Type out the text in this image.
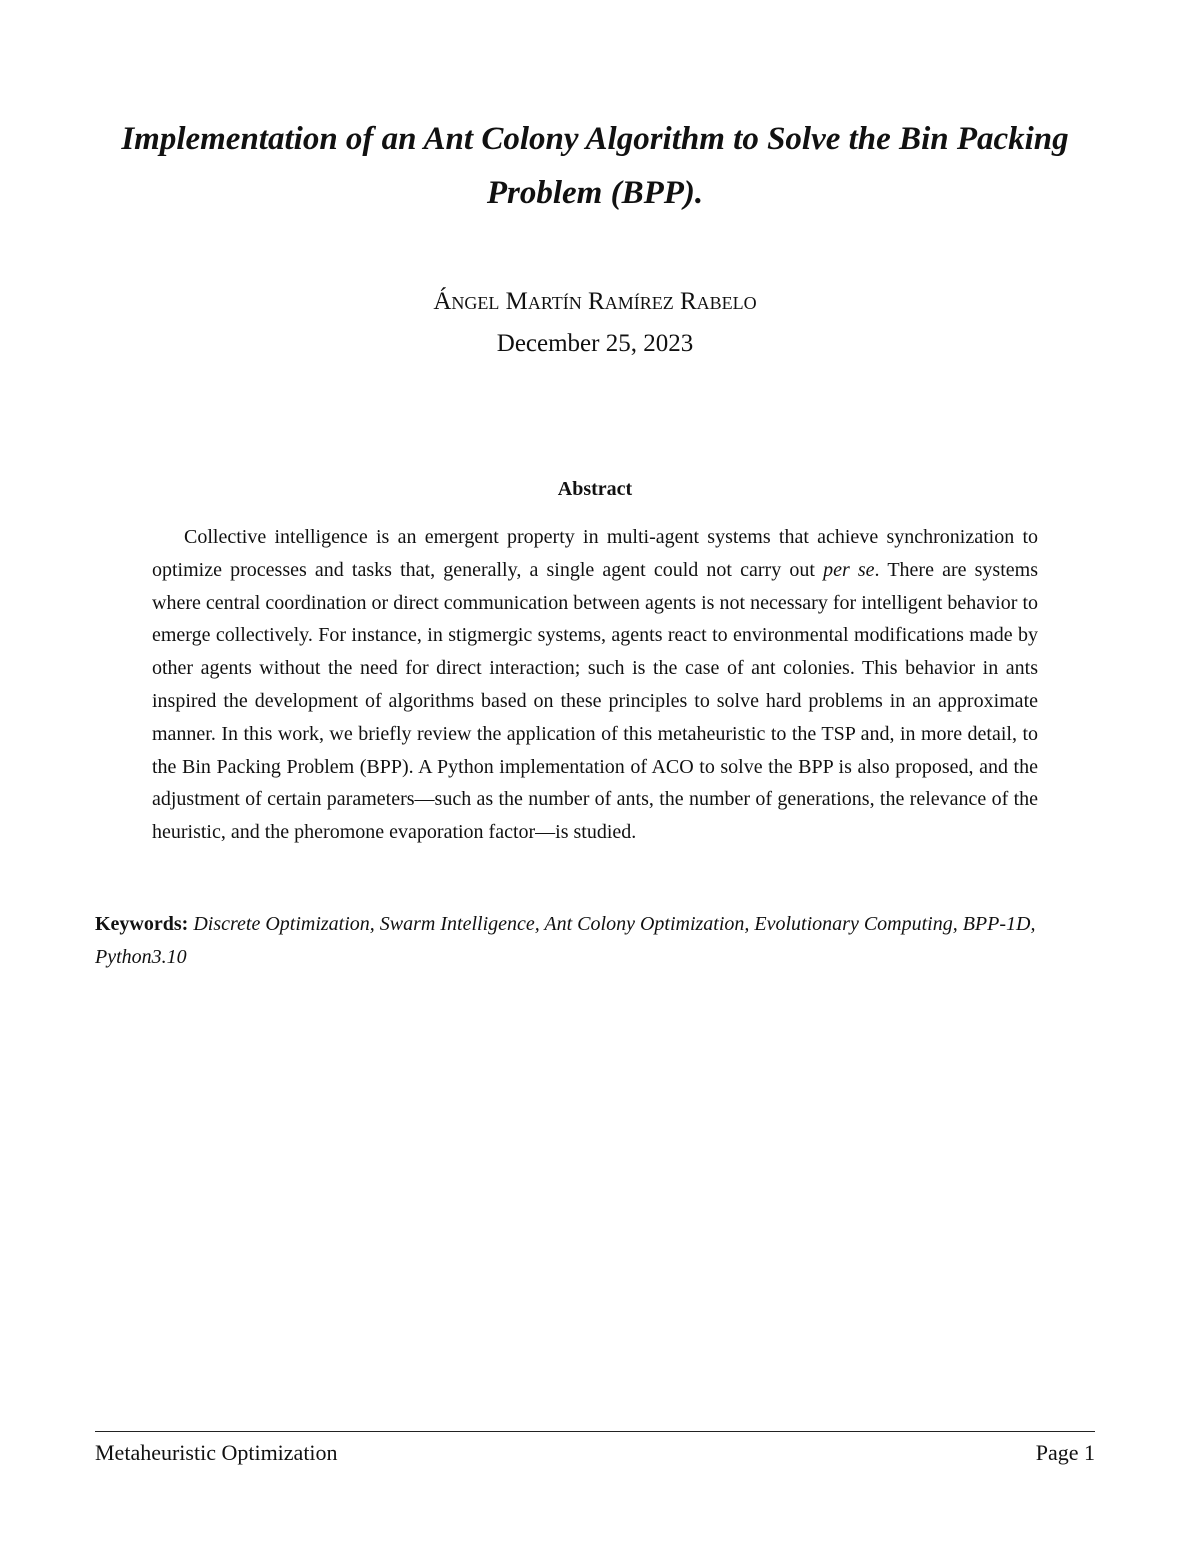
Implementation of an Ant Colony Algorithm to Solve the Bin Packing Problem (BPP).
Ángel Martín Ramírez Rabelo
December 25, 2023
Abstract

Collective intelligence is an emergent property in multi-agent systems that achieve synchronization to optimize processes and tasks that, generally, a single agent could not carry out per se. There are systems where central coordination or direct communication between agents is not necessary for intelligent behavior to emerge collectively. For instance, in stigmergic systems, agents react to environmental modifications made by other agents without the need for direct interaction; such is the case of ant colonies. This behavior in ants inspired the development of algorithms based on these principles to solve hard problems in an approximate manner. In this work, we briefly review the application of this metaheuristic to the TSP and, in more detail, to the Bin Packing Problem (BPP). A Python implementation of ACO to solve the BPP is also proposed, and the adjustment of certain parameters—such as the number of ants, the number of generations, the relevance of the heuristic, and the pheromone evaporation factor—is studied.

Keywords: Discrete Optimization, Swarm Intelligence, Ant Colony Optimization, Evolutionary Computing, BPP-1D, Python3.10

Metaheuristic Optimization	Page 1
